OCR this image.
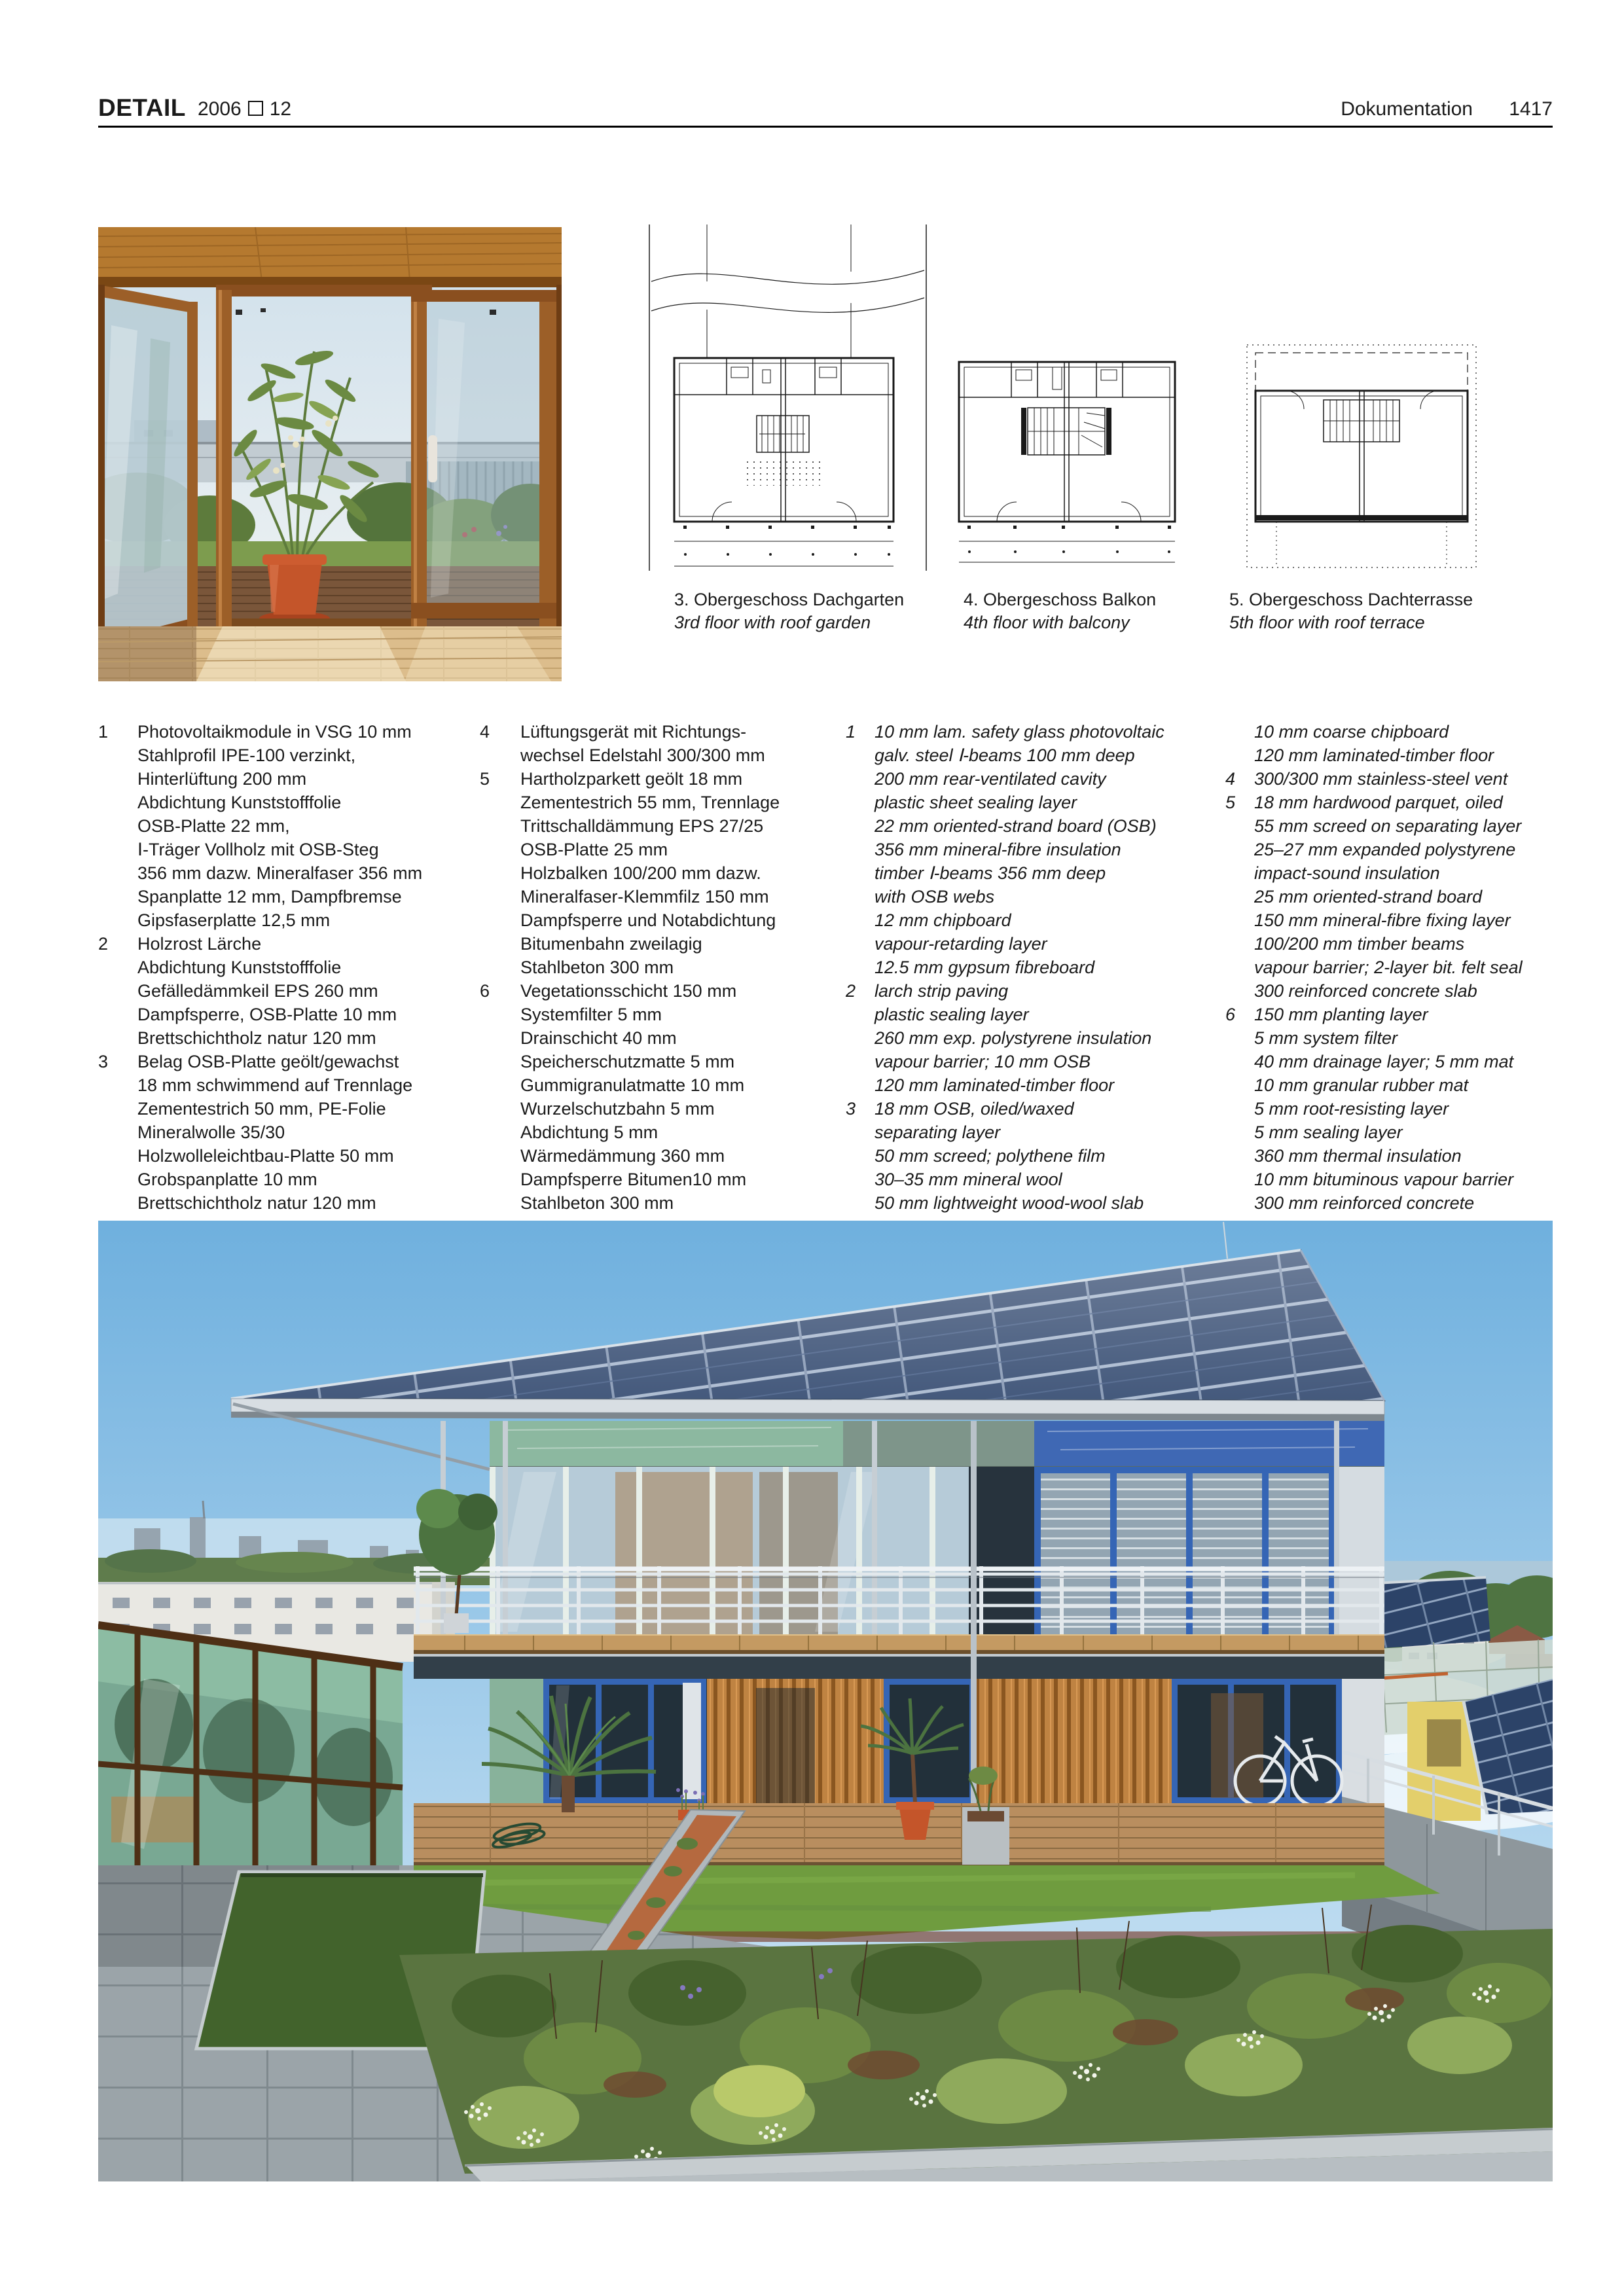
DETAIL 2006 12	Dokumentation 1417
3. Obergeschoss Dachgarten
3rd floor with roof garden
4. Obergeschoss Balkon
4th floor with balcony
5. Obergeschoss Dachterrasse
5th floor with roof terrace
1 Photovoltaikmodule in VSG 10 mm
Stahlprofil IPE-100 verzinkt,
Hinterlüftung 200 mm
Abdichtung Kunststofffolie
OSB-Platte 22 mm,
Ⅰ-Träger Vollholz mit OSB-Steg
356 mm dazw. Mineralfaser 356 mm
Spanplatte 12 mm, Dampfbremse
Gipsfaserplatte 12,5 mm
2 Holzrost Lärche
Abdichtung Kunststofffolie
Gefälledämmkeil EPS 260 mm
Dampfsperre, OSB-Platte 10 mm
Brettschichtholz natur 120 mm
3 Belag OSB-Platte geölt/gewachst
18 mm schwimmend auf Trennlage
Zementestrich 50 mm, PE-Folie
Mineralwolle 35/30
Holzwolleleichtbau-Platte 50 mm
Grobspanplatte 10 mm
Brettschichtholz natur 120 mm
4 Lüftungsgerät mit Richtungs-
wechsel Edelstahl 300/300 mm
5 Hartholzparkett geölt 18 mm
Zementestrich 55 mm, Trennlage
Trittschalldämmung EPS 27/25
OSB-Platte 25 mm
Holzbalken 100/200 mm dazw.
Mineralfaser-Klemmfilz 150 mm
Dampfsperre und Notabdichtung
Bitumenbahn zweilagig
Stahlbeton 300 mm
6 Vegetationsschicht 150 mm
Systemfilter 5 mm
Drainschicht 40 mm
Speicherschutzmatte 5 mm
Gummigranulatmatte 10 mm
Wurzelschutzbahn 5 mm
Abdichtung 5 mm
Wärmedämmung 360 mm
Dampfsperre Bitumen10 mm
Stahlbeton 300 mm
1 10 mm lam. safety glass photovoltaic
galv. steel Ⅰ-beams 100 mm deep
200 mm rear-ventilated cavity
plastic sheet sealing layer
22 mm oriented-strand board (OSB)
356 mm mineral-fibre insulation
timber Ⅰ-beams 356 mm deep
with OSB webs
12 mm chipboard
vapour-retarding layer
12.5 mm gypsum fibreboard
2 larch strip paving
plastic sealing layer
260 mm exp. polystyrene insulation
vapour barrier; 10 mm OSB
120 mm laminated-timber floor
3 18 mm OSB, oiled/waxed
separating layer
50 mm screed; polythene film
30–35 mm mineral wool
50 mm lightweight wood-wool slab
10 mm coarse chipboard
120 mm laminated-timber floor
4 300/300 mm stainless-steel vent
5 18 mm hardwood parquet, oiled
55 mm screed on separating layer
25–27 mm expanded polystyrene
impact-sound insulation
25 mm oriented-strand board
150 mm mineral-fibre fixing layer
100/200 mm timber beams
vapour barrier; 2-layer bit. felt seal
300 reinforced concrete slab
6 150 mm planting layer
5 mm system filter
40 mm drainage layer; 5 mm mat
10 mm granular rubber mat
5 mm root-resisting layer
5 mm sealing layer
360 mm thermal insulation
10 mm bituminous vapour barrier
300 mm reinforced concrete
